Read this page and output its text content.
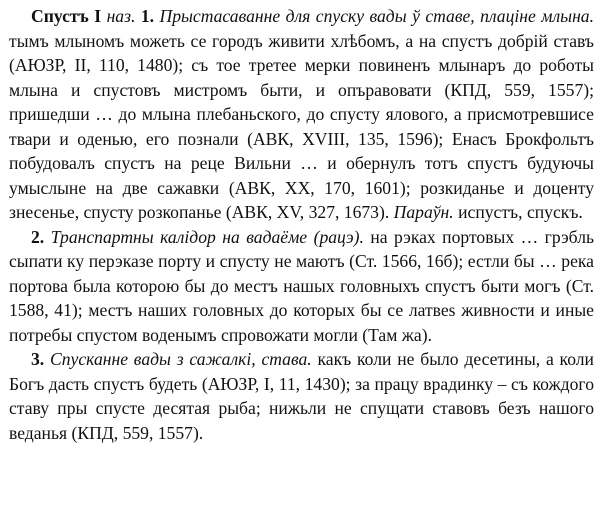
Спустъ I наз. 1. Прыстасаванне для спуску вады ў ставе, плаціне млына. тымъ млыномъ можеть се городъ живити хлѣбомъ, а на спустъ добрій ставъ (АЮЗР, II, 110, 1480); съ тое третее мерки повиненъ млынаръ до роботы млына и спустовъ мистромъ быти, и опъравовати (КПД, 559, 1557); пришедши … до млына плебаньского, до спусту ялового, а присмотревшисе твари и оденью, его познали (АВК, XVIII, 135, 1596); Енасъ Брокфольтъ побудовалъ спустъ на реце Вильни … и обернулъ тотъ спустъ будуючы умыслыне на две сажавки (АВК, XX, 170, 1601); розкиданье и доценту знесенье, спусту розкопанье (АВК, XV, 327, 1673). Параўн. испустъ, спускъ.

2. Транспартны калідор на вадаёме (рацэ). на рэках портовых … грэбль сыпати ку перэказе порту и спусту не маютъ (Ст. 1566, 16б); естли бы … река портова была которою бы до местъ нашых головныхъ спустъ быти могъ (Ст. 1588, 41); местъ наших головных до которых бы се латвеѕ живности и иные потребы спустом воденымъ спровожати могли (Там жа).

3. Спусканне вады з сажалкі, става. какъ коли не было десетины, а коли Богъ дасть спустъ будеть (АЮЗР, I, 11, 1430); за працу врадинку – съ кождого ставу пры спусте десятая рыба; нижьли не спущати ставовъ безъ нашого веданья (КПД, 559, 1557).
